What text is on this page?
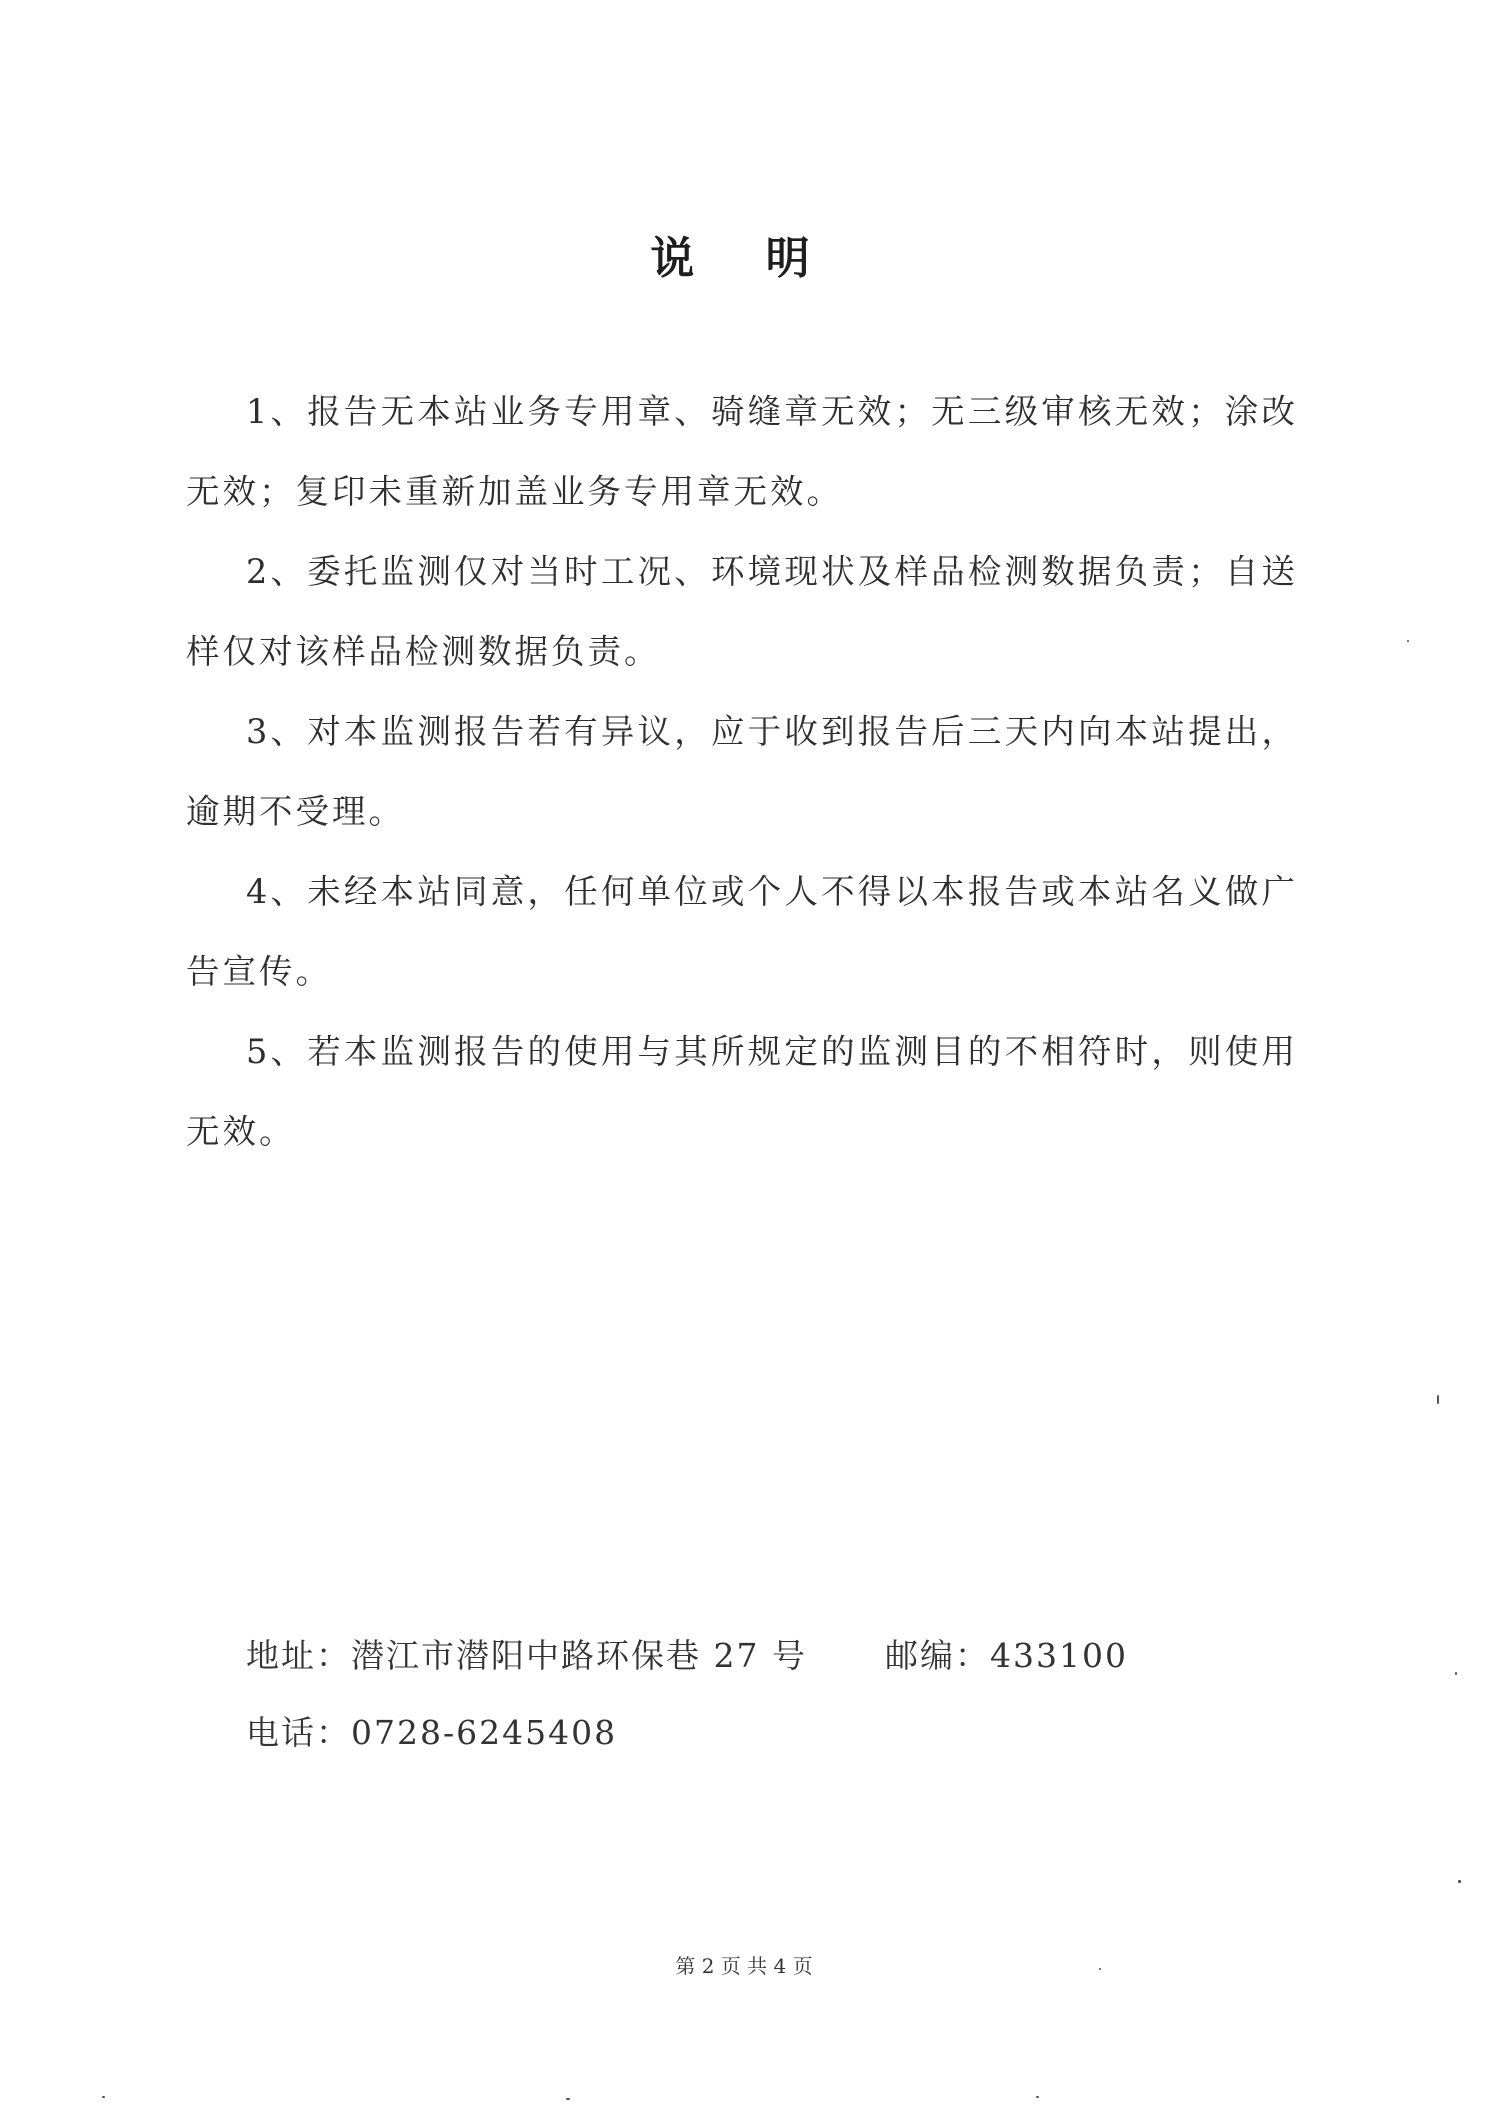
说 明

1、报告无本站业务专用章、骑缝章无效；无三级审核无效；涂改无效；复印未重新加盖业务专用章无效。

2、委托监测仅对当时工况、环境现状及样品检测数据负责；自送样仅对该样品检测数据负责。

3、对本监测报告若有异议，应于收到报告后三天内向本站提出，逾期不受理。

4、未经本站同意，任何单位或个人不得以本报告或本站名义做广告宣传。

5、若本监测报告的使用与其所规定的监测目的不相符时，则使用无效。

地址：潜江市潜阳中路环保巷 27 号 邮编：433100
电话：0728-6245408
第 2 页 共 4 页
